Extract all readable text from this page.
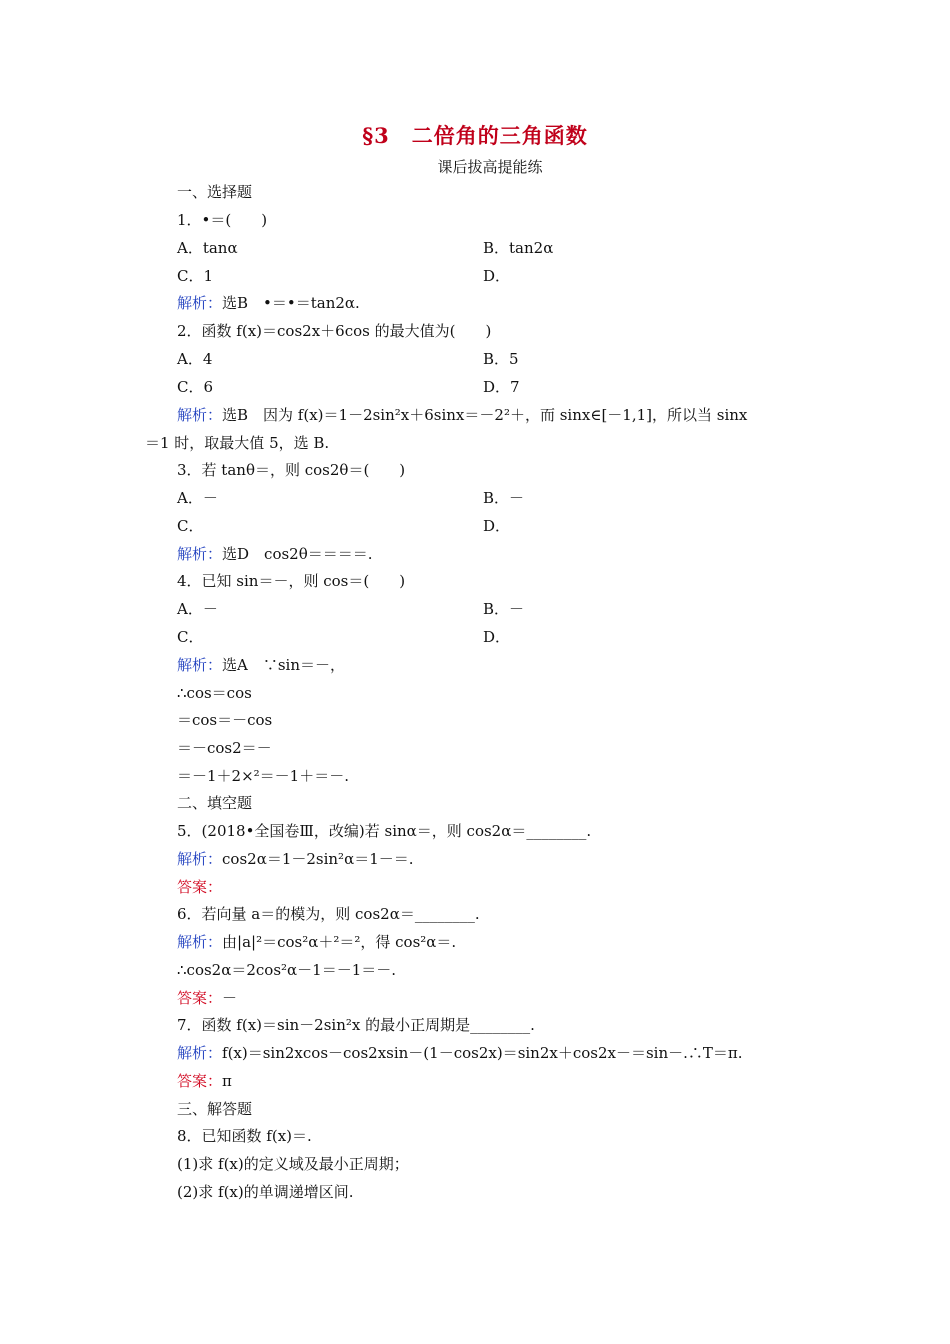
§3　二倍角的三角函数
课后拔高提能练
一、选择题
1．•＝(　　)
A．tanα	B．tan2α
C．1	D．
解析：选B　•＝•＝tan2α.
2．函数 f(x)＝cos2x＋6cos 的最大值为(　　)
A．4	B．5
C．6	D．7
解析：选B　因为 f(x)＝1－2sin²x＋6sinx＝－2²＋，而 sinx∈[－1,1]，所以当 sinx
＝1 时，取最大值 5，选 B.
3．若 tanθ＝，则 cos2θ＝(　　)
A．－	B．－
C．	D．
解析：选D　cos2θ＝＝＝＝.
4．已知 sin＝－，则 cos＝(　　)
A．－	B．－
C．	D．
解析：选A　∵sin＝－，
∴cos＝cos
＝cos＝－cos
＝－cos2＝－
＝－1＋2×²＝－1＋＝－.
二、填空题
5．(2018•全国卷Ⅲ，改编)若 sinα＝，则 cos2α＝________.
解析：cos2α＝1－2sin²α＝1－＝.
答案：
6．若向量 a＝的模为，则 cos2α＝________.
解析：由|a|²＝cos²α＋²＝²，得 cos²α＝.
∴cos2α＝2cos²α－1＝－1＝－.
答案：－
7．函数 f(x)＝sin－2sin²x 的最小正周期是________.
解析：f(x)＝sin2xcos－cos2xsin－(1－cos2x)＝sin2x＋cos2x－＝sin－.∴T＝π.
答案：π
三、解答题
8．已知函数 f(x)＝.
(1)求 f(x)的定义域及最小正周期；
(2)求 f(x)的单调递增区间.
